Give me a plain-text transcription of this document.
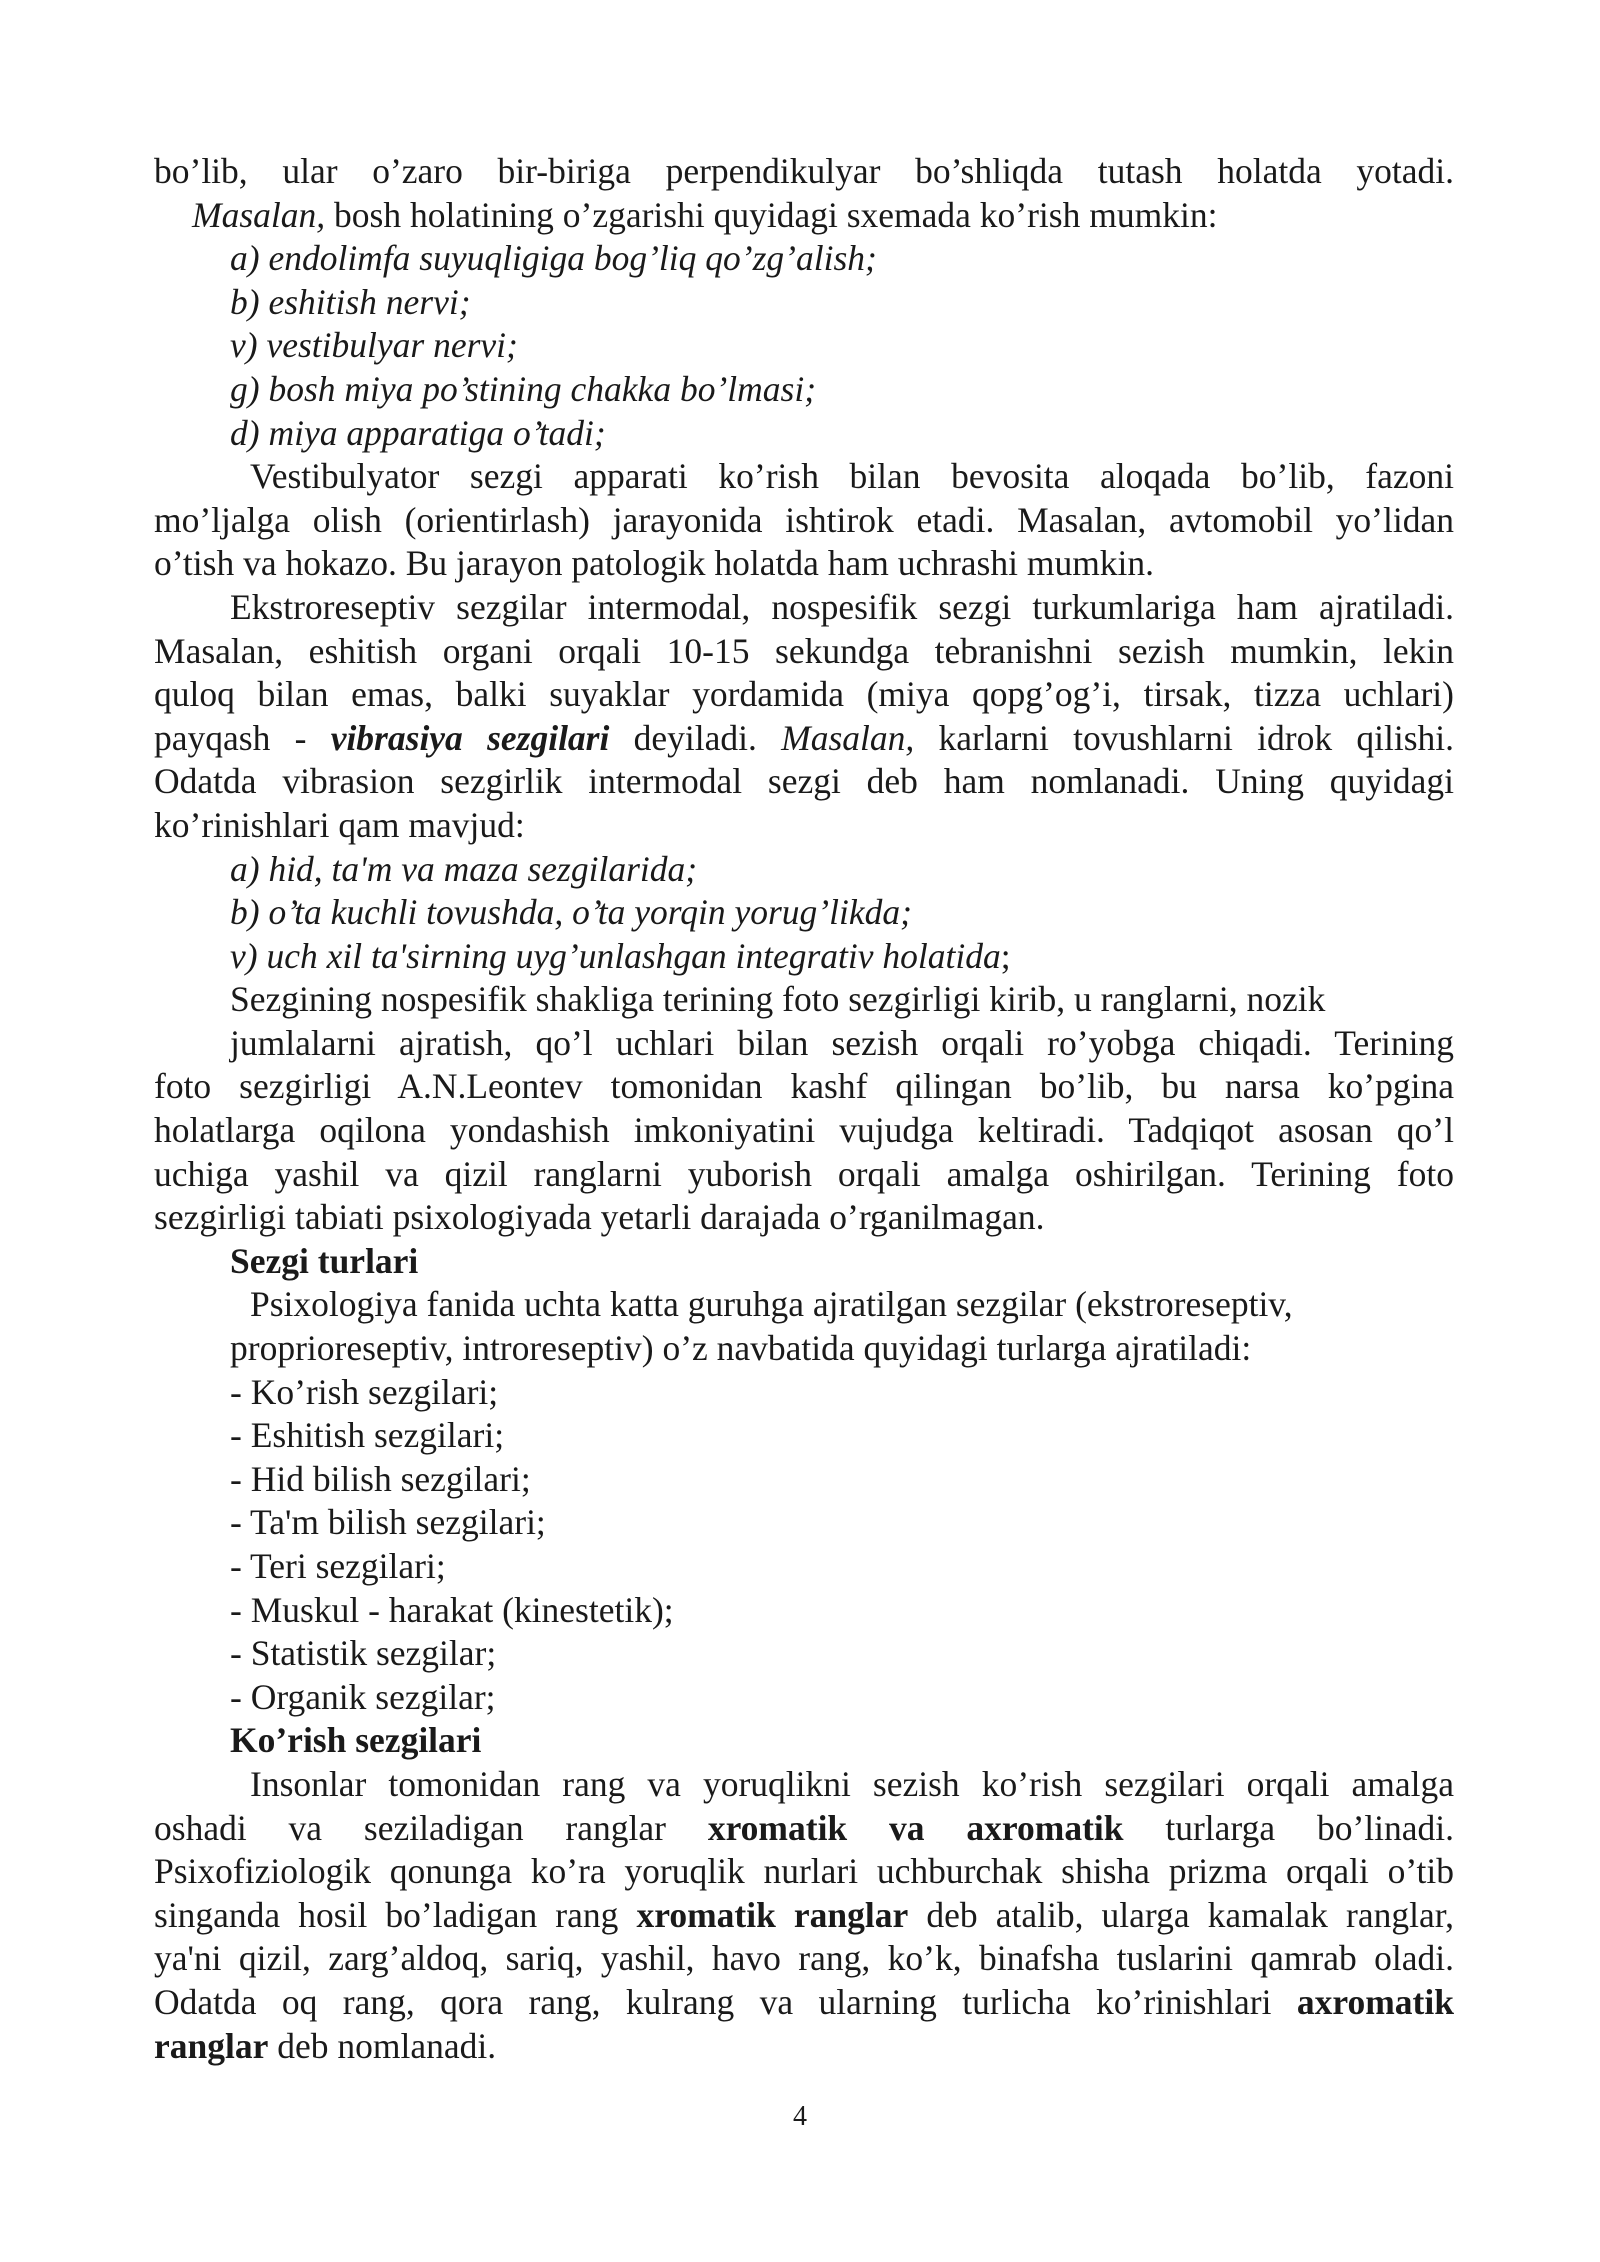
bo’lib, ular o’zaro bir-biriga perpendikulyar bo’shliqda tutash holatda yotadi.
Masalan, bosh holatining o’zgarishi quyidagi sxemada ko’rish mumkin:
a) endolimfa suyuqligiga bog’liq qo’zg’alish;
b) eshitish nervi;
v) vestibulyar nervi;
g) bosh miya po’stining chakka bo’lmasi;
d) miya apparatiga o’tadi;
Vestibulyator sezgi apparati ko’rish bilan bevosita aloqada bo’lib, fazoni
mo’ljalga olish (orientirlash) jarayonida ishtirok etadi. Masalan, avtomobil yo’lidan
o’tish va hokazo. Bu jarayon patologik holatda ham uchrashi mumkin.
Ekstroreseptiv sezgilar intermodal, nospesifik sezgi turkumlariga ham ajratiladi.
Masalan, eshitish organi orqali 10-15 sekundga tebranishni sezish mumkin, lekin
quloq bilan emas, balki suyaklar yordamida (miya qopg’og’i, tirsak, tizza uchlari)
payqash - vibrasiya sezgilari deyiladi. Masalan, karlarni tovushlarni idrok qilishi.
Odatda vibrasion sezgirlik intermodal sezgi deb ham nomlanadi. Uning quyidagi
ko’rinishlari qam mavjud:
a) hid, ta'm va maza sezgilarida;
b) o’ta kuchli tovushda, o’ta yorqin yorug’likda;
v) uch xil ta'sirning uyg’unlashgan integrativ holatida;
Sezgining nospesifik shakliga terining foto sezgirligi kirib, u ranglarni, nozik
jumlalarni ajratish, qo’l uchlari bilan sezish orqali ro’yobga chiqadi. Terining
foto sezgirligi A.N.Leontev tomonidan kashf qilingan bo’lib, bu narsa ko’pgina
holatlarga oqilona yondashish imkoniyatini vujudga keltiradi. Tadqiqot asosan qo’l
uchiga yashil va qizil ranglarni yuborish orqali amalga oshirilgan. Terining foto
sezgirligi tabiati psixologiyada yetarli darajada o’rganilmagan.
Sezgi turlari
Psixologiya fanida uchta katta guruhga ajratilgan sezgilar (ekstroreseptiv,
proprioreseptiv, introreseptiv) o’z navbatida quyidagi turlarga ajratiladi:
- Ko’rish sezgilari;
- Eshitish sezgilari;
- Hid bilish sezgilari;
- Ta'm bilish sezgilari;
- Teri sezgilari;
- Muskul - harakat (kinestetik);
- Statistik sezgilar;
- Organik sezgilar;
Ko’rish sezgilari
Insonlar tomonidan rang va yoruqlikni sezish ko’rish sezgilari orqali amalga
oshadi va seziladigan ranglar xromatik va axromatik turlarga bo’linadi.
Psixofiziologik qonunga ko’ra yoruqlik nurlari uchburchak shisha prizma orqali o’tib
singanda hosil bo’ladigan rang xromatik ranglar deb atalib, ularga kamalak ranglar,
ya'ni qizil, zarg’aldoq, sariq, yashil, havo rang, ko’k, binafsha tuslarini qamrab oladi.
Odatda oq rang, qora rang, kulrang va ularning turlicha ko’rinishlari axromatik
ranglar deb nomlanadi.
4
